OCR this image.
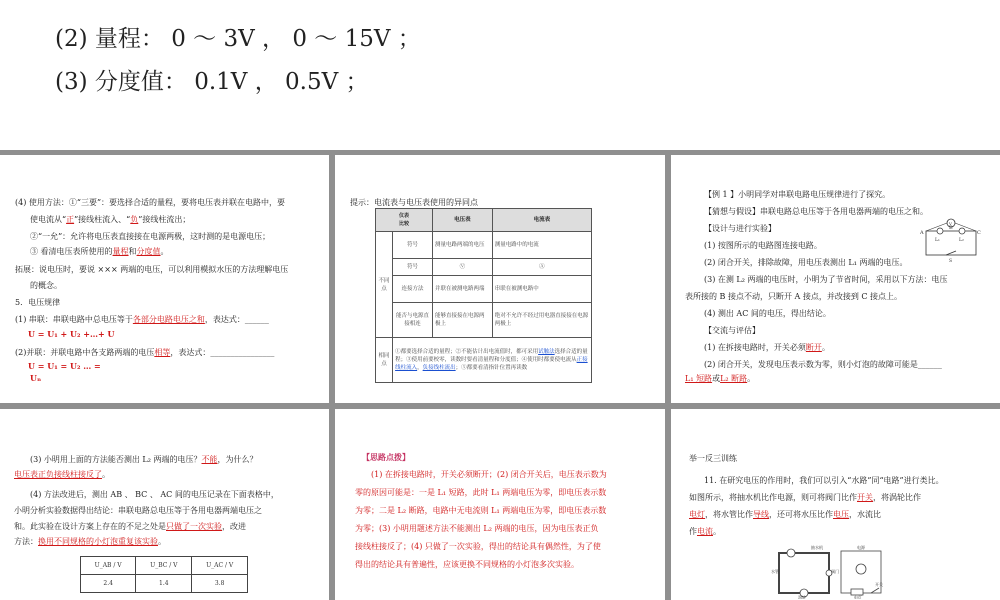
(2) 量程： 0 ～ 3V ， 0 ～ 15V ；
(3) 分度值： 0.1V ， 0.5V ；
(4) 使用方法：①“三要”：要选择合适的量程，要将电压表并联在电路中，要
使电流从“正”接线柱流入、“负”接线柱流出；
②“一允”：允许将电压表直接接在电源两极，这时测的是电源电压；
③ 看清电压表所使用的量程和分度值。
拓展：说电压时，要说 ××× 两端的电压，可以利用模拟水压的方法理解电压
的概念。
5．电压规律
(1) 串联：串联电路中总电压等于各部分电路电压之和，表达式：______
U = U₁ + U₂ +…+ U
(2)并联：并联电路中各支路两端的电压相等，表达式：________________
U = U₁ = U₂ … =
Uₙ
提示：电流表与电压表使用的异同点
仪表
比较		电压表	电流表
不同点	符号	测量电路两端的电压	测量电路中的电流
	符号	Ⓥ	Ⓐ
	连接方法	并联在被测电路两端	串联在被测电路中
	能否与电源直接相连	能够直接接在电源两极上	绝对不允许不经过用电器直接接在电源两极上
相同点	①都要选择合适的量程；②不能估计出电流值时，都可采用试触法选择合适的量程；③使用前要校零，读数时要看清量程和分度值；④使用时都要使电流从正接线柱流入，负接线柱流出；⑤都要看清指针位置再读数		
【例 1 】小明同学对串联电路电压规律进行了探究。
【猜想与假设】串联电路总电压等于各用电器两端的电压之和。
【设计与进行实验】
(1) 按图所示的电路图连接电路。
(2) 闭合开关，排除故障，用电压表测出 L₁ 两端的电压。
(3) 在测 L₂ 两端的电压时，小明为了节省时间，采用以下方法：电压
表所接的 B 接点不动，只断开 A 接点，并改接到 C 接点上。
(4) 测出 AC 间的电压，得出结论。
【交流与评估】
(1) 在拆接电路时，开关必须断开。
(2) 闭合开关，发现电压表示数为零，则小灯泡的故障可能是______
L₁ 短路或L₂ 断路。
A
B
C
L₁	L₂
S
V
(3) 小明用上面的方法能否测出 L₂ 两端的电压？不能，为什么？
电压表正负接线柱接反了。
(4) 方法改进后，测出 AB 、 BC 、 AC 间的电压记录在下面表格中，
小明分析实验数据得出结论：串联电路总电压等于各用电器两端电压之
和。此实验在设计方案上存在的不足之处是只做了一次实验，改进
方法：换用不同规格的小灯泡重复该实验。
U_AB / V	U_BC / V	U_AC / V
2.4	1.4	3.8
【思路点拨】
(1) 在拆接电路时，开关必须断开；(2) 闭合开关后，电压表示数为
零的原因可能是：一是 L₁ 短路，此时 L₁ 两端电压为零，即电压表示数
为零；二是 L₂ 断路，电路中无电流则 L₁ 两端电压为零，即电压表示数
为零；(3) 小明用题述方法不能测出 L₂ 两端的电压，因为电压表正负
接线柱接反了；(4) 只做了一次实验，得出的结论具有偶然性，为了使
得出的结论具有普遍性，应该更换不同规格的小灯泡多次实验。
举一反三训练
11. 在研究电压的作用时，我们可以引入“水路”同“电路”进行类比。
如图所示，将抽水机比作电源，则可将阀门比作开关，将涡轮比作
电灯，将水管比作导线，还可将水压比作电压，水流比
作电流。
抽水机
水管	阀门
涡轮
电源
开关
电灯
